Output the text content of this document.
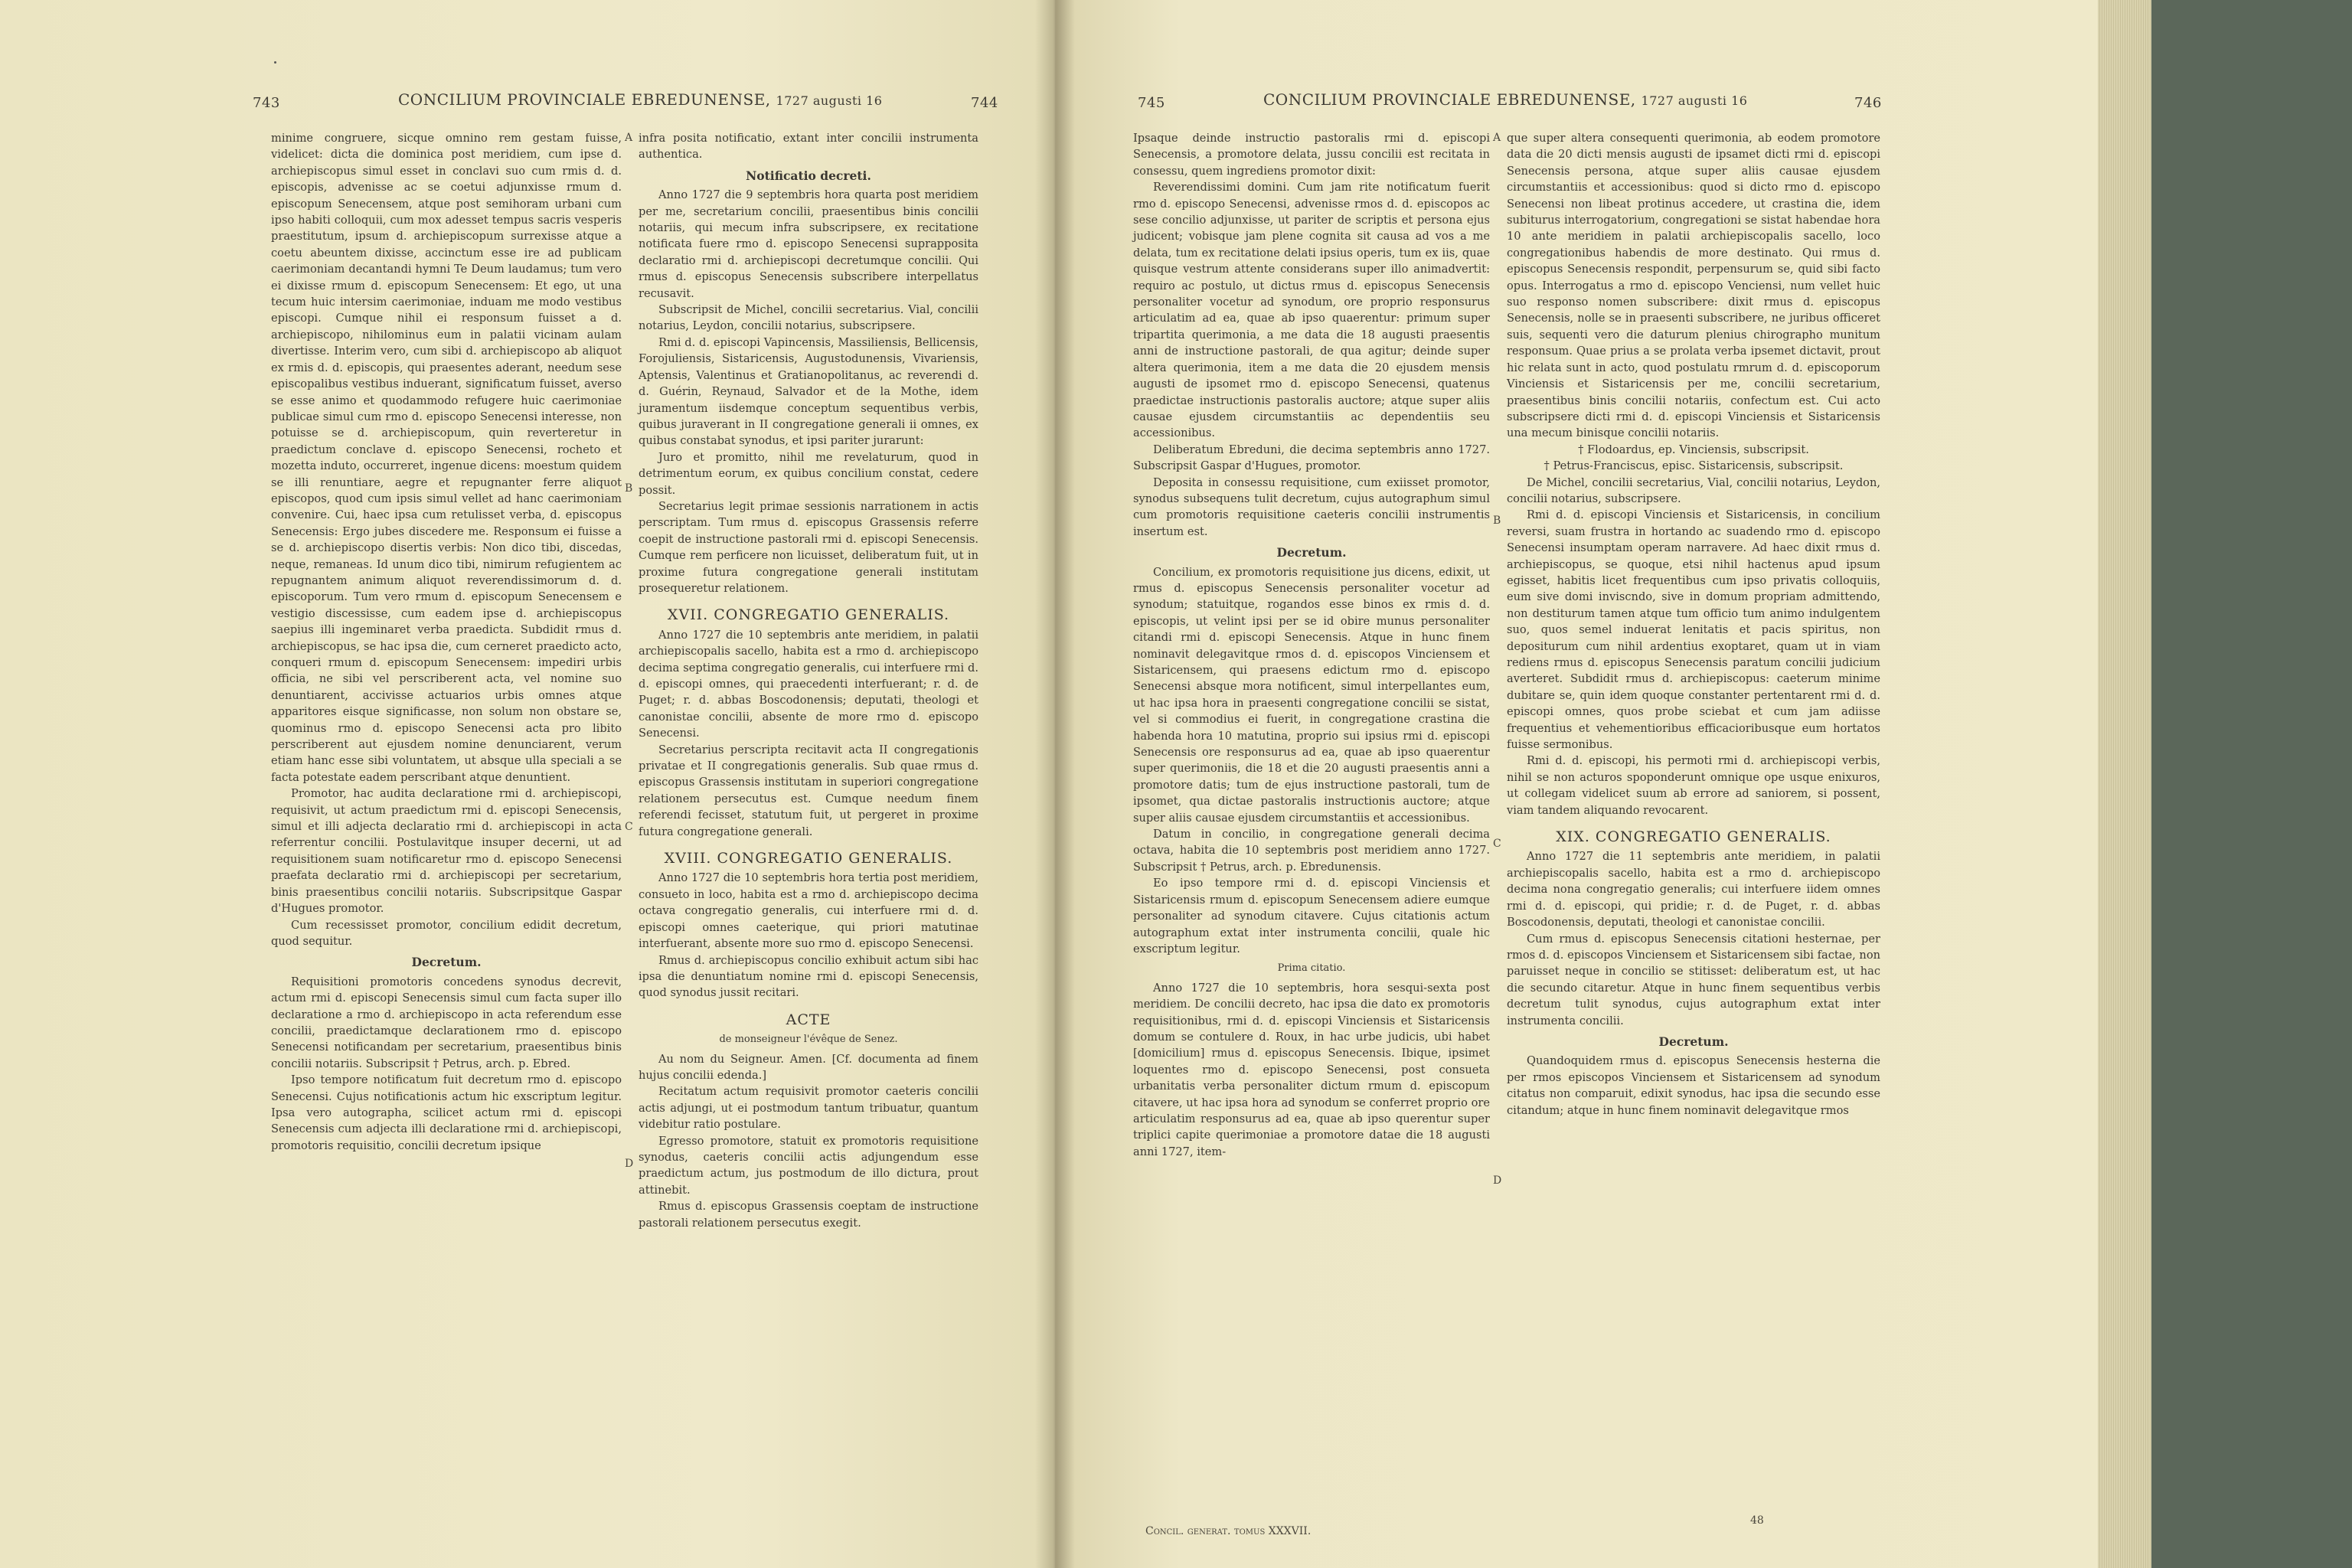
743	CONCILIUM PROVINCIALE EBREDUNENSE, 1727 augusti 16	744

minime congruere, sicque omnino rem gestam fuisse, videlicet: dicta die dominica post meridiem, cum ipse d. archiepiscopus simul esset in conclavi suo cum rmis d. d. episcopis, advenisse ac se coetui adjunxisse rmum d. episcopum Senecensem, atque post semihoram urbani cum ipso habiti colloquii, cum mox adesset tempus sacris vesperis praestitutum, ipsum d. archiepiscopum surrexisse atque a coetu abeuntem dixisse, accinctum esse ire ad publicam caerimoniam decantandi hymni Te Deum laudamus; tum vero ei dixisse rmum d. episcopum Senecensem: Et ego, ut una tecum huic intersim caerimoniae, induam me modo vestibus episcopi. Cumque nihil ei responsum fuisset a d. archiepiscopo, nihilominus eum in palatii vicinam aulam divertisse. Interim vero, cum sibi d. archiepiscopo ab aliquot ex rmis d. d. episcopis, qui praesentes aderant, needum sese episcopalibus vestibus induerant, significatum fuisset, averso se esse animo et quodammodo refugere huic caerimoniae publicae simul cum rmo d. episcopo Senecensi interesse, non potuisse se d. archiepiscopum, quin reverteretur in praedictum conclave d. episcopo Senecensi, rocheto et mozetta induto, occurreret, ingenue dicens: moestum quidem se illi renuntiare, aegre et repugnanter ferre aliquot episcopos, quod cum ipsis simul vellet ad hanc caerimoniam convenire. Cui, haec ipsa cum retulisset verba, d. episcopus Senecensis: Ergo jubes discedere me. Responsum ei fuisse a se d. archiepiscopo disertis verbis: Non dico tibi, discedas, neque, remaneas. Id unum dico tibi, nimirum refugientem ac repugnantem animum aliquot reverendissimorum d. d. episcoporum. Tum vero rmum d. episcopum Senecensem e vestigio discessisse, cum eadem ipse d. archiepiscopus saepius illi ingeminaret verba praedicta. Subdidit rmus d. archiepiscopus, se hac ipsa die, cum cerneret praedicto acto, conqueri rmum d. episcopum Senecensem: impediri urbis officia, ne sibi vel perscriberent acta, vel nomine suo denuntiarent, accivisse actuarios urbis omnes atque apparitores eisque significasse, non solum non obstare se, quominus rmo d. episcopo Senecensi acta pro libito perscriberent aut ejusdem nomine denunciarent, verum etiam hanc esse sibi voluntatem, ut absque ulla speciali a se facta potestate eadem perscribant atque denuntient.

Promotor, hac audita declaratione rmi d. archiepiscopi, requisivit, ut actum praedictum rmi d. episcopi Senecensis, simul et illi adjecta declaratio rmi d. archiepiscopi in acta referrentur concilii. Postulavitque insuper decerni, ut ad requisitionem suam notificaretur rmo d. episcopo Senecensi praefata declaratio rmi d. archiepiscopi per secretarium, binis praesentibus concilii notariis. Subscripsitque Gaspar d'Hugues promotor.

Cum recessisset promotor, concilium edidit decretum, quod sequitur.

Decretum.

Requisitioni promotoris concedens synodus decrevit, actum rmi d. episcopi Senecensis simul cum facta super illo declaratione a rmo d. archiepiscopo in acta referendum esse concilii, praedictamque declarationem rmo d. episcopo Senecensi notificandam per secretarium, praesentibus binis concilii notariis. Subscripsit † Petrus, arch. p. Ebred.

Ipso tempore notificatum fuit decretum rmo d. episcopo Senecensi. Cujus notificationis actum hic exscriptum legitur. Ipsa vero autographa, scilicet actum rmi d. episcopi Senecensis cum adjecta illi declaratione rmi d. archiepiscopi, promotoris requisitio, concilii decretum ipsique

infra posita notificatio, extant inter concilii instrumenta authentica.

Notificatio decreti.

Anno 1727 die 9 septembris hora quarta post meridiem per me, secretarium concilii, praesentibus binis concilii notariis, qui mecum infra subscripsere, ex recitatione notificata fuere rmo d. episcopo Senecensi suprapposita declaratio rmi d. archiepiscopi decretumque concilii. Qui rmus d. episcopus Senecensis subscribere interpellatus recusavit.

Subscripsit de Michel, concilii secretarius. Vial, concilii notarius, Leydon, concilii notarius, subscripsere.

Rmi d. d. episcopi Vapincensis, Massiliensis, Bellicensis, Forojuliensis, Sistaricensis, Augustodunensis, Vivariensis, Aptensis, Valentinus et Gratianopolitanus, ac reverendi d. d. Guérin, Reynaud, Salvador et de la Mothe, idem juramentum iisdemque conceptum sequentibus verbis, quibus juraverant in II congregatione generali ii omnes, ex quibus constabat synodus, et ipsi pariter jurarunt:

Juro et promitto, nihil me revelaturum, quod in detrimentum eorum, ex quibus concilium constat, cedere possit.

Secretarius legit primae sessionis narrationem in actis perscriptam. Tum rmus d. episcopus Grassensis referre coepit de instructione pastorali rmi d. episcopi Senecensis. Cumque rem perficere non licuisset, deliberatum fuit, ut in proxime futura congregatione generali institutam prosequeretur relationem.

XVII. CONGREGATIO GENERALIS.

Anno 1727 die 10 septembris ante meridiem, in palatii archiepiscopalis sacello, habita est a rmo d. archiepiscopo decima septima congregatio generalis, cui interfuere rmi d. d. episcopi omnes, qui praecedenti interfuerant; r. d. de Puget; r. d. abbas Boscodonensis; deputati, theologi et canonistae concilii, absente de more rmo d. episcopo Senecensi.

Secretarius perscripta recitavit acta II congregationis privatae et II congregationis generalis. Sub quae rmus d. episcopus Grassensis institutam in superiori congregatione relationem persecutus est. Cumque needum finem referendi fecisset, statutum fuit, ut pergeret in proxime futura congregatione generali.

XVIII. CONGREGATIO GENERALIS.

Anno 1727 die 10 septembris hora tertia post meridiem, consueto in loco, habita est a rmo d. archiepiscopo decima octava congregatio generalis, cui interfuere rmi d. d. episcopi omnes caeterique, qui priori matutinae interfuerant, absente more suo rmo d. episcopo Senecensi.

Rmus d. archiepiscopus concilio exhibuit actum sibi hac ipsa die denuntiatum nomine rmi d. episcopi Senecensis, quod synodus jussit recitari.

ACTE
de monseigneur l'évêque de Senez.

Au nom du Seigneur. Amen. [Cf. documenta ad finem hujus concilii edenda.]

Recitatum actum requisivit promotor caeteris concilii actis adjungi, ut ei postmodum tantum tribuatur, quantum videbitur ratio postulare.

Egresso promotore, statuit ex promotoris requisitione synodus, caeteris concilii actis adjungendum esse praedictum actum, jus postmodum de illo dictura, prout attinebit.

Rmus d. episcopus Grassensis coeptam de instructione pastorali relationem persecutus exegit.

A
B
C
D
745	CONCILIUM PROVINCIALE EBREDUNENSE, 1727 augusti 16	746

Ipsaque deinde instructio pastoralis rmi d. episcopi Senecensis, a promotore delata, jussu concilii est recitata in consessu, quem ingrediens promotor dixit:

Reverendissimi domini. Cum jam rite notificatum fuerit rmo d. episcopo Senecensi, advenisse rmos d. d. episcopos ac sese concilio adjunxisse, ut pariter de scriptis et persona ejus judicent; vobisque jam plene cognita sit causa ad vos a me delata, tum ex recitatione delati ipsius operis, tum ex iis, quae quisque vestrum attente considerans super illo animadvertit: requiro ac postulo, ut dictus rmus d. episcopus Senecensis personaliter vocetur ad synodum, ore proprio responsurus articulatim ad ea, quae ab ipso quaerentur: primum super tripartita querimonia, a me data die 18 augusti praesentis anni de instructione pastorali, de qua agitur; deinde super altera querimonia, item a me data die 20 ejusdem mensis augusti de ipsomet rmo d. episcopo Senecensi, quatenus praedictae instructionis pastoralis auctore; atque super aliis causae ejusdem circumstantiis ac dependentiis seu accessionibus.

Deliberatum Ebreduni, die decima septembris anno 1727. Subscripsit Gaspar d'Hugues, promotor.

Deposita in consessu requisitione, cum exiisset promotor, synodus subsequens tulit decretum, cujus autographum simul cum promotoris requisitione caeteris concilii instrumentis insertum est.

Decretum.

Concilium, ex promotoris requisitione jus dicens, edixit, ut rmus d. episcopus Senecensis personaliter vocetur ad synodum; statuitque, rogandos esse binos ex rmis d. d. episcopis, ut velint ipsi per se id obire munus personaliter citandi rmi d. episcopi Senecensis. Atque in hunc finem nominavit delegavitque rmos d. d. episcopos Vinciensem et Sistaricensem, qui praesens edictum rmo d. episcopo Senecensi absque mora notificent, simul interpellantes eum, ut hac ipsa hora in praesenti congregatione concilii se sistat, vel si commodius ei fuerit, in congregatione crastina die habenda hora 10 matutina, proprio sui ipsius rmi d. episcopi Senecensis ore responsurus ad ea, quae ab ipso quaerentur super querimoniis, die 18 et die 20 augusti praesentis anni a promotore datis; tum de ejus instructione pastorali, tum de ipsomet, qua dictae pastoralis instructionis auctore; atque super aliis causae ejusdem circumstantiis et accessionibus.

Datum in concilio, in congregatione generali decima octava, habita die 10 septembris post meridiem anno 1727. Subscripsit † Petrus, arch. p. Ebredunensis.

Eo ipso tempore rmi d. d. episcopi Vinciensis et Sistaricensis rmum d. episcopum Senecensem adiere eumque personaliter ad synodum citavere. Cujus citationis actum autographum extat inter instrumenta concilii, quale hic exscriptum legitur.

Prima citatio.

Anno 1727 die 10 septembris, hora sesqui-sexta post meridiem. De concilii decreto, hac ipsa die dato ex promotoris requisitionibus, rmi d. d. episcopi Vinciensis et Sistaricensis domum se contulere d. Roux, in hac urbe judicis, ubi habet [domicilium] rmus d. episcopus Senecensis. Ibique, ipsimet loquentes rmo d. episcopo Senecensi, post consueta urbanitatis verba personaliter dictum rmum d. episcopum citavere, ut hac ipsa hora ad synodum se conferret proprio ore articulatim responsurus ad ea, quae ab ipso querentur super triplici capite querimoniae a promotore datae die 18 augusti anni 1727, item-

que super altera consequenti querimonia, ab eodem promotore data die 20 dicti mensis augusti de ipsamet dicti rmi d. episcopi Senecensis persona, atque super aliis causae ejusdem circumstantiis et accessionibus: quod si dicto rmo d. episcopo Senecensi non libeat protinus accedere, ut crastina die, idem subiturus interrogatorium, congregationi se sistat habendae hora 10 ante meridiem in palatii archiepiscopalis sacello, loco congregationibus habendis de more destinato. Qui rmus d. episcopus Senecensis respondit, perpensurum se, quid sibi facto opus. Interrogatus a rmo d. episcopo Venciensi, num vellet huic suo responso nomen subscribere: dixit rmus d. episcopus Senecensis, nolle se in praesenti subscribere, ne juribus officeret suis, sequenti vero die daturum plenius chirographo munitum responsum. Quae prius a se prolata verba ipsemet dictavit, prout hic relata sunt in acto, quod postulatu rmrum d. d. episcoporum Vinciensis et Sistaricensis per me, concilii secretarium, praesentibus binis concilii notariis, confectum est. Cui acto subscripsere dicti rmi d. d. episcopi Vinciensis et Sistaricensis una mecum binisque concilii notariis.

† Flodoardus, ep. Vinciensis, subscripsit.
† Petrus-Franciscus, episc. Sistaricensis, subscripsit.

De Michel, concilii secretarius, Vial, concilii notarius, Leydon, concilii notarius, subscripsere.

Rmi d. d. episcopi Vinciensis et Sistaricensis, in concilium reversi, suam frustra in hortando ac suadendo rmo d. episcopo Senecensi insumptam operam narravere. Ad haec dixit rmus d. archiepiscopus, se quoque, etsi nihil hactenus apud ipsum egisset, habitis licet frequentibus cum ipso privatis colloquiis, eum sive domi inviscndo, sive in domum propriam admittendo, non destiturum tamen atque tum officio tum animo indulgentem suo, quos semel induerat lenitatis et pacis spiritus, non depositurum cum nihil ardentius exoptaret, quam ut in viam rediens rmus d. episcopus Senecensis paratum concilii judicium averteret. Subdidit rmus d. archiepiscopus: caeterum minime dubitare se, quin idem quoque constanter pertentarent rmi d. d. episcopi omnes, quos probe sciebat et cum jam adiisse frequentius et vehementioribus efficacioribusque eum hortatos fuisse sermonibus.

Rmi d. d. episcopi, his permoti rmi d. archiepiscopi verbis, nihil se non acturos spoponderunt omnique ope usque enixuros, ut collegam videlicet suum ab errore ad saniorem, si possent, viam tandem aliquando revocarent.

XIX. CONGREGATIO GENERALIS.

Anno 1727 die 11 septembris ante meridiem, in palatii archiepiscopalis sacello, habita est a rmo d. archiepiscopo decima nona congregatio generalis; cui interfuere iidem omnes rmi d. d. episcopi, qui pridie; r. d. de Puget, r. d. abbas Boscodonensis, deputati, theologi et canonistae concilii.

Cum rmus d. episcopus Senecensis citationi hesternae, per rmos d. d. episcopos Vinciensem et Sistaricensem sibi factae, non paruisset neque in concilio se stitisset: deliberatum est, ut hac die secundo citaretur. Atque in hunc finem sequentibus verbis decretum tulit synodus, cujus autographum extat inter instrumenta concilii.

Decretum.

Quandoquidem rmus d. episcopus Senecensis hesterna die per rmos episcopos Vinciensem et Sistaricensem ad synodum citatus non comparuit, edixit synodus, hac ipsa die secundo esse citandum; atque in hunc finem nominavit delegavitque rmos

A
B
C
D
Concil. generat. tomus XXXVII.
48
